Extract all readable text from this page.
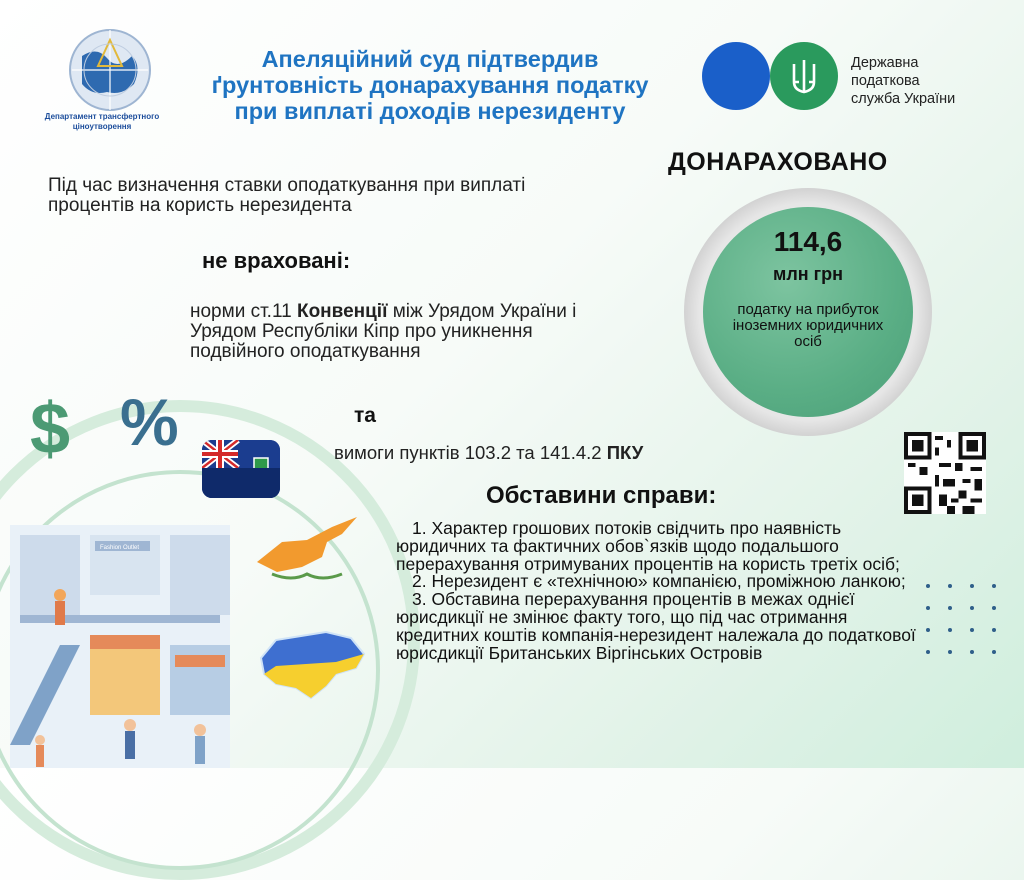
Fashion Outlet
$ %
Департамент трансфертного ціноутворення
Апеляційний суд підтвердив
ґрунтовність донарахування податку
при виплаті доходів нерезиденту
Державна
податкова
служба України
Під час визначення ставки оподаткування при виплаті процентів на користь нерезидента
не враховані:
норми ст.11 Конвенції між Урядом України і Урядом Республіки Кіпр про уникнення подвійного оподаткування
та
вимоги пунктів 103.2 та 141.4.2 ПКУ
ДОНАРАХОВАНО
114,6
млн грн
податку на прибуток іноземних юридичних осіб
Обставини справи:
1. Характер грошових потоків свідчить про наявність юридичних та фактичних обов`язків щодо подальшого перерахування отримуваних процентів на користь третіх осіб;
2. Нерезидент є «технічною» компанією, проміжною ланкою;
3. Обставина перерахування процентів в межах однієї юрисдикції не змінює факту того, що під час отримання кредитних коштів компанія-нерезидент належала до податкової юрисдикції Британських Віргінських Островів
